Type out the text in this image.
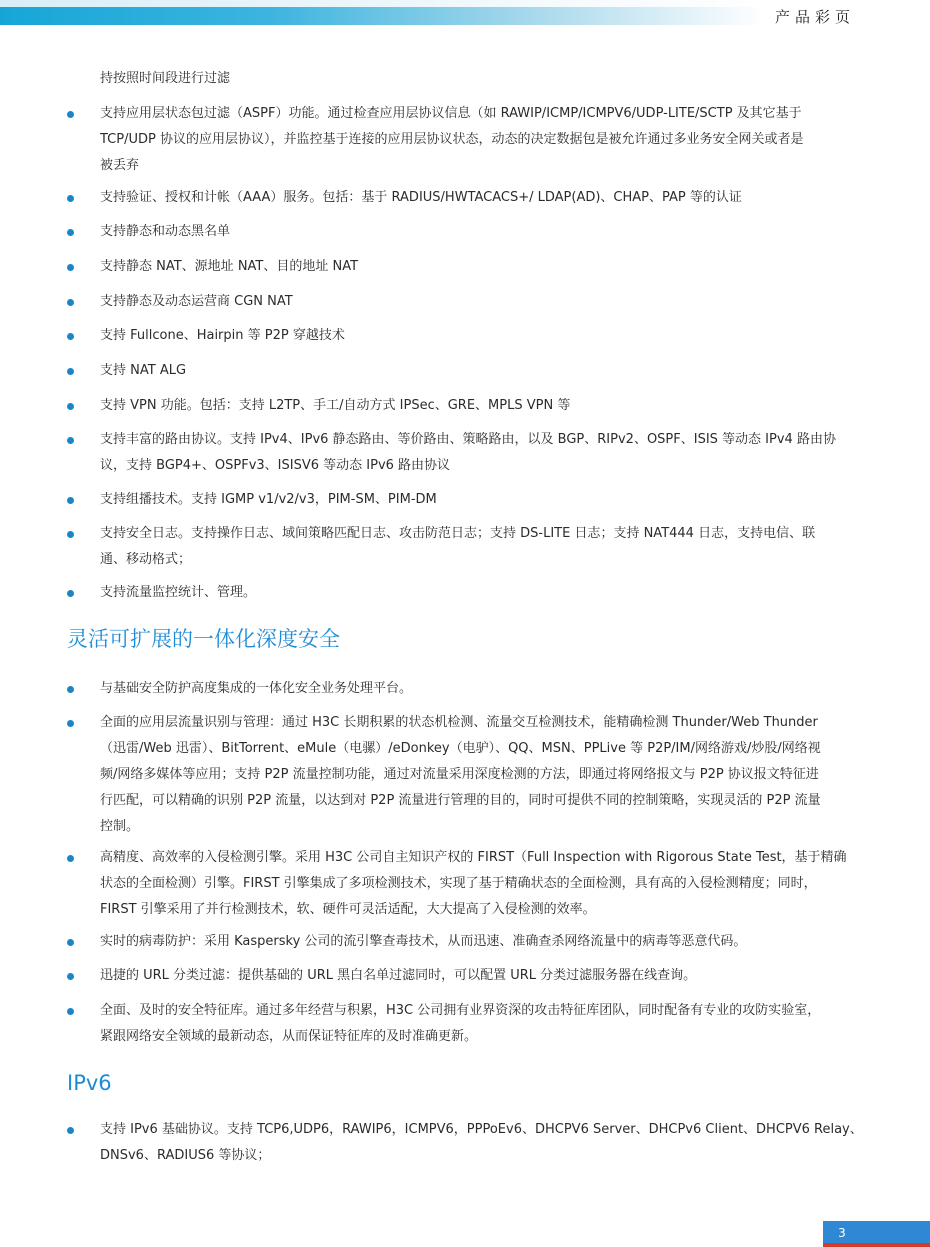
产品彩页
持按照时间段进行过滤
支持应用层状态包过滤（ASPF）功能。通过检查应用层协议信息（如 RAWIP/ICMP/ICMPV6/UDP-LITE/SCTP 及其它基于
TCP/UDP 协议的应用层协议），并监控基于连接的应用层协议状态，动态的决定数据包是被允许通过多业务安全网关或者是
被丢弃
支持验证、授权和计帐（AAA）服务。包括：基于 RADIUS/HWTACACS+/ LDAP(AD)、CHAP、PAP 等的认证
支持静态和动态黑名单
支持静态 NAT、源地址 NAT、目的地址 NAT
支持静态及动态运营商 CGN NAT
支持 Fullcone、Hairpin 等 P2P 穿越技术
支持 NAT ALG
支持 VPN 功能。包括：支持 L2TP、手工/自动方式 IPSec、GRE、MPLS VPN 等
支持丰富的路由协议。支持 IPv4、IPv6 静态路由、等价路由、策略路由，以及 BGP、RIPv2、OSPF、ISIS 等动态 IPv4 路由协
议，支持 BGP4+、OSPFv3、ISISV6 等动态 IPv6 路由协议
支持组播技术。支持 IGMP v1/v2/v3，PIM-SM、PIM-DM
支持安全日志。支持操作日志、域间策略匹配日志、攻击防范日志；支持 DS-LITE 日志；支持 NAT444 日志，支持电信、联
通、移动格式；
支持流量监控统计、管理。
灵活可扩展的一体化深度安全
与基础安全防护高度集成的一体化安全业务处理平台。
全面的应用层流量识别与管理：通过 H3C 长期积累的状态机检测、流量交互检测技术，能精确检测 Thunder/Web Thunder
（迅雷/Web 迅雷）、BitTorrent、eMule（电骡）/eDonkey（电驴）、QQ、MSN、PPLive 等 P2P/IM/网络游戏/炒股/网络视
频/网络多媒体等应用；支持 P2P 流量控制功能，通过对流量采用深度检测的方法，即通过将网络报文与 P2P 协议报文特征进
行匹配，可以精确的识别 P2P 流量，以达到对 P2P 流量进行管理的目的，同时可提供不同的控制策略，实现灵活的 P2P 流量
控制。
高精度、高效率的入侵检测引擎。采用 H3C 公司自主知识产权的 FIRST（Full Inspection with Rigorous State Test，基于精确
状态的全面检测）引擎。FIRST 引擎集成了多项检测技术，实现了基于精确状态的全面检测，具有高的入侵检测精度；同时，
FIRST 引擎采用了并行检测技术，软、硬件可灵活适配，大大提高了入侵检测的效率。
实时的病毒防护：采用 Kaspersky 公司的流引擎查毒技术，从而迅速、准确查杀网络流量中的病毒等恶意代码。
迅捷的 URL 分类过滤：提供基础的 URL 黑白名单过滤同时，可以配置 URL 分类过滤服务器在线查询。
全面、及时的安全特征库。通过多年经营与积累，H3C 公司拥有业界资深的攻击特征库团队，同时配备有专业的攻防实验室，
紧跟网络安全领域的最新动态，从而保证特征库的及时准确更新。
IPv6
支持 IPv6 基础协议。支持 TCP6,UDP6，RAWIP6，ICMPV6，PPPoEv6、DHCPV6 Server、DHCPv6 Client、DHCPV6 Relay、
DNSv6、RADIUS6 等协议；
3
